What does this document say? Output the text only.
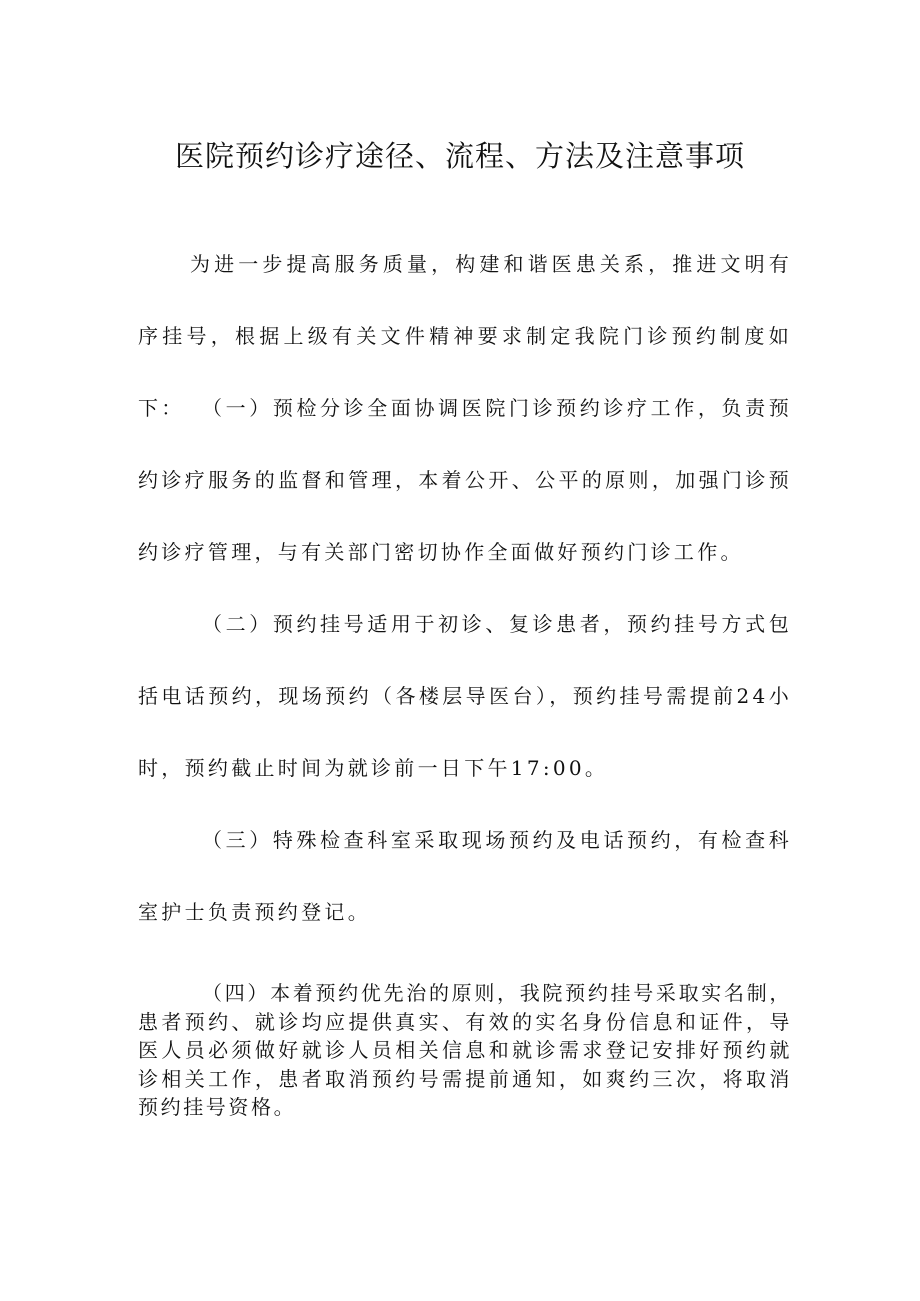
医院预约诊疗途径、流程、方法及注意事项

为进一步提高服务质量，构建和谐医患关系，推进文明有序挂号，根据上级有关文件精神要求制定我院门诊预约制度如下： （一）预检分诊全面协调医院门诊预约诊疗工作，负责预约诊疗服务的监督和管理，本着公开、公平的原则，加强门诊预约诊疗管理，与有关部门密切协作全面做好预约门诊工作。

（二）预约挂号适用于初诊、复诊患者，预约挂号方式包括电话预约，现场预约（各楼层导医台），预约挂号需提前24小时，预约截止时间为就诊前一日下午17:00。

（三）特殊检查科室采取现场预约及电话预约，有检查科室护士负责预约登记。

（四）本着预约优先治的原则，我院预约挂号采取实名制，患者预约、就诊均应提供真实、有效的实名身份信息和证件，导医人员必须做好就诊人员相关信息和就诊需求登记安排好预约就诊相关工作，患者取消预约号需提前通知，如爽约三次，将取消预约挂号资格。
